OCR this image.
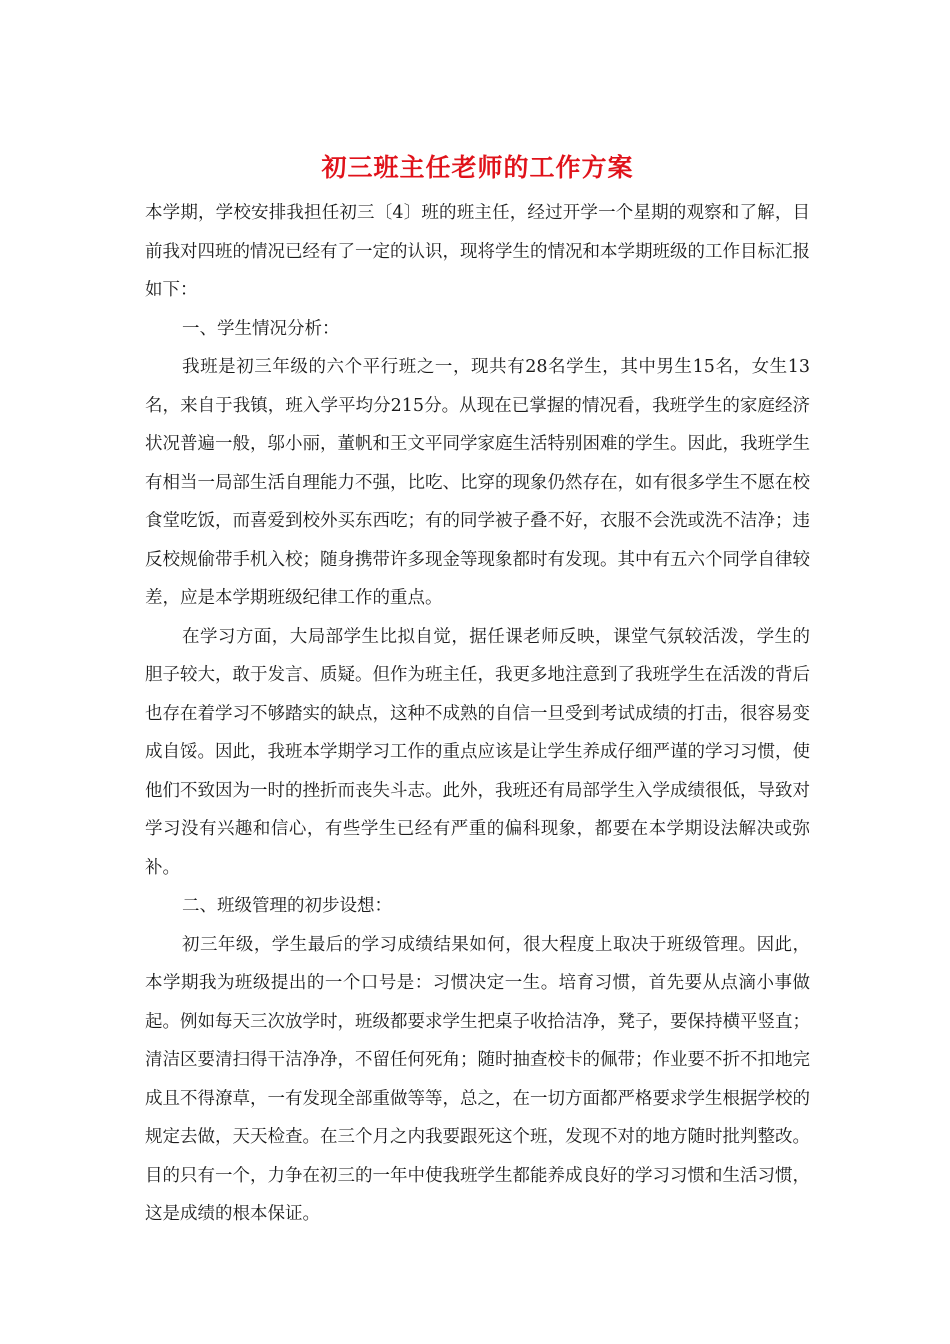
初三班主任老师的工作方案

本学期，学校安排我担任初三〔4〕班的班主任，经过开学一个星期的观察和了解，目前我对四班的情况已经有了一定的认识，现将学生的情况和本学期班级的工作目标汇报如下：

一、学生情况分析：

我班是初三年级的六个平行班之一，现共有28名学生，其中男生15名，女生13名，来自于我镇，班入学平均分215分。从现在已掌握的情况看，我班学生的家庭经济状况普遍一般，邬小丽，董帆和王文平同学家庭生活特别困难的学生。因此，我班学生有相当一局部生活自理能力不强，比吃、比穿的现象仍然存在，如有很多学生不愿在校食堂吃饭，而喜爱到校外买东西吃；有的同学被子叠不好，衣服不会洗或洗不洁净；违反校规偷带手机入校；随身携带许多现金等现象都时有发现。其中有五六个同学自律较差，应是本学期班级纪律工作的重点。

在学习方面，大局部学生比拟自觉，据任课老师反映，课堂气氛较活泼，学生的胆子较大，敢于发言、质疑。但作为班主任，我更多地注意到了我班学生在活泼的背后也存在着学习不够踏实的缺点，这种不成熟的自信一旦受到考试成绩的打击，很容易变成自馁。因此，我班本学期学习工作的重点应该是让学生养成仔细严谨的学习习惯，使他们不致因为一时的挫折而丧失斗志。此外，我班还有局部学生入学成绩很低，导致对学习没有兴趣和信心，有些学生已经有严重的偏科现象，都要在本学期设法解决或弥补。

二、班级管理的初步设想：

初三年级，学生最后的学习成绩结果如何，很大程度上取决于班级管理。因此，本学期我为班级提出的一个口号是：习惯决定一生。培育习惯，首先要从点滴小事做起。例如每天三次放学时，班级都要求学生把桌子收拾洁净，凳子，要保持横平竖直；清洁区要清扫得干洁净净，不留任何死角；随时抽查校卡的佩带；作业要不折不扣地完成且不得潦草，一有发现全部重做等等，总之，在一切方面都严格要求学生根据学校的规定去做，天天检查。在三个月之内我要跟死这个班，发现不对的地方随时批判整改。目的只有一个，力争在初三的一年中使我班学生都能养成良好的学习习惯和生活习惯，这是成绩的根本保证。
